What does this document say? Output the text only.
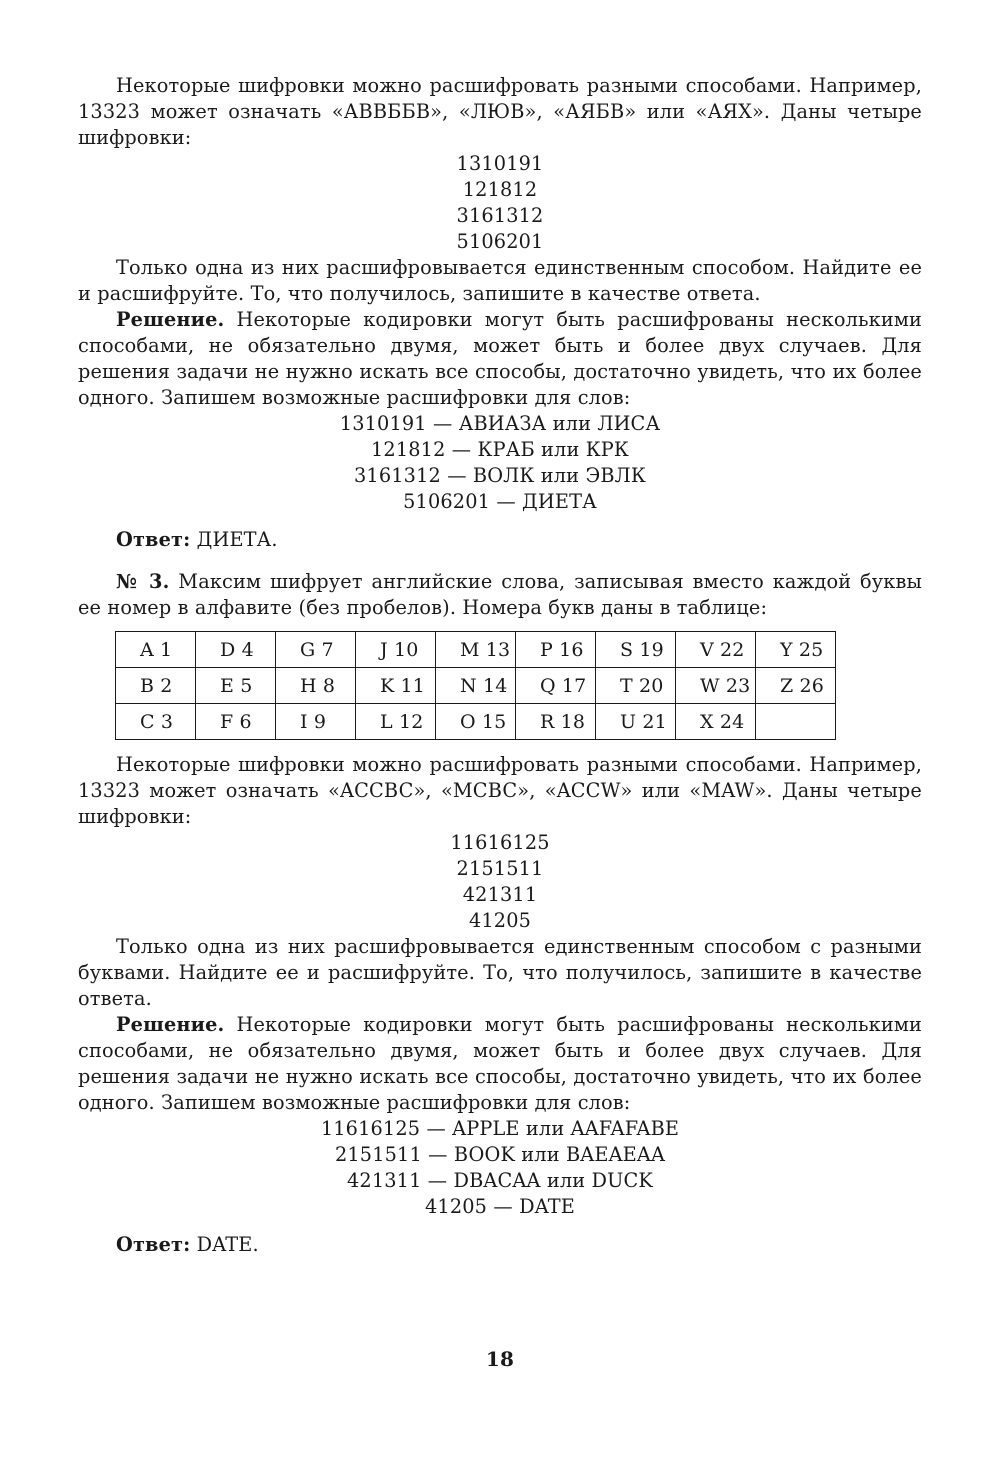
Некоторые шифровки можно расшифровать разными способами. Например, 13323 может означать «АВВББВ», «ЛЮВ», «АЯБВ» или «АЯХ». Даны четыре шифровки:

1310191
121812
3161312
5106201

Только одна из них расшифровывается единственным способом. Найдите ее и расшифруйте. То, что получилось, запишите в качестве ответа.

Решение. Некоторые кодировки могут быть расшифрованы несколькими способами, не обязательно двумя, может быть и более двух случаев. Для решения задачи не нужно искать все способы, достаточно увидеть, что их более одного. Запишем возможные расшифровки для слов:

1310191 — АВИАЗА или ЛИСА
121812 — КРАБ или КРК
3161312 — ВОЛК или ЭВЛК
5106201 — ДИЕТА

Ответ: ДИЕТА.

№ 3. Максим шифрует английские слова, записывая вместо каждой буквы ее номер в алфавите (без пробелов). Номера букв даны в таблице:

A 1	D 4	G 7	J 10	M 13	P 16	S 19	V 22	Y 25
B 2	E 5	H 8	K 11	N 14	Q 17	T 20	W 23	Z 26
C 3	F 6	I 9	L 12	O 15	R 18	U 21	X 24	

Некоторые шифровки можно расшифровать разными способами. Например, 13323 может означать «ACCBC», «MCBC», «ACCW» или «MAW». Даны четыре шифровки:

11616125
2151511
421311
41205

Только одна из них расшифровывается единственным способом с разными буквами. Найдите ее и расшифруйте. То, что получилось, запишите в качестве ответа.

Решение. Некоторые кодировки могут быть расшифрованы несколькими способами, не обязательно двумя, может быть и более двух случаев. Для решения задачи не нужно искать все способы, достаточно увидеть, что их более одного. Запишем возможные расшифровки для слов:

11616125 — APPLE или AAFAFABE
2151511 — BOOK или BAEAEAA
421311 — DBACAA или DUCK
41205 — DATE

Ответ: DATE.

18
